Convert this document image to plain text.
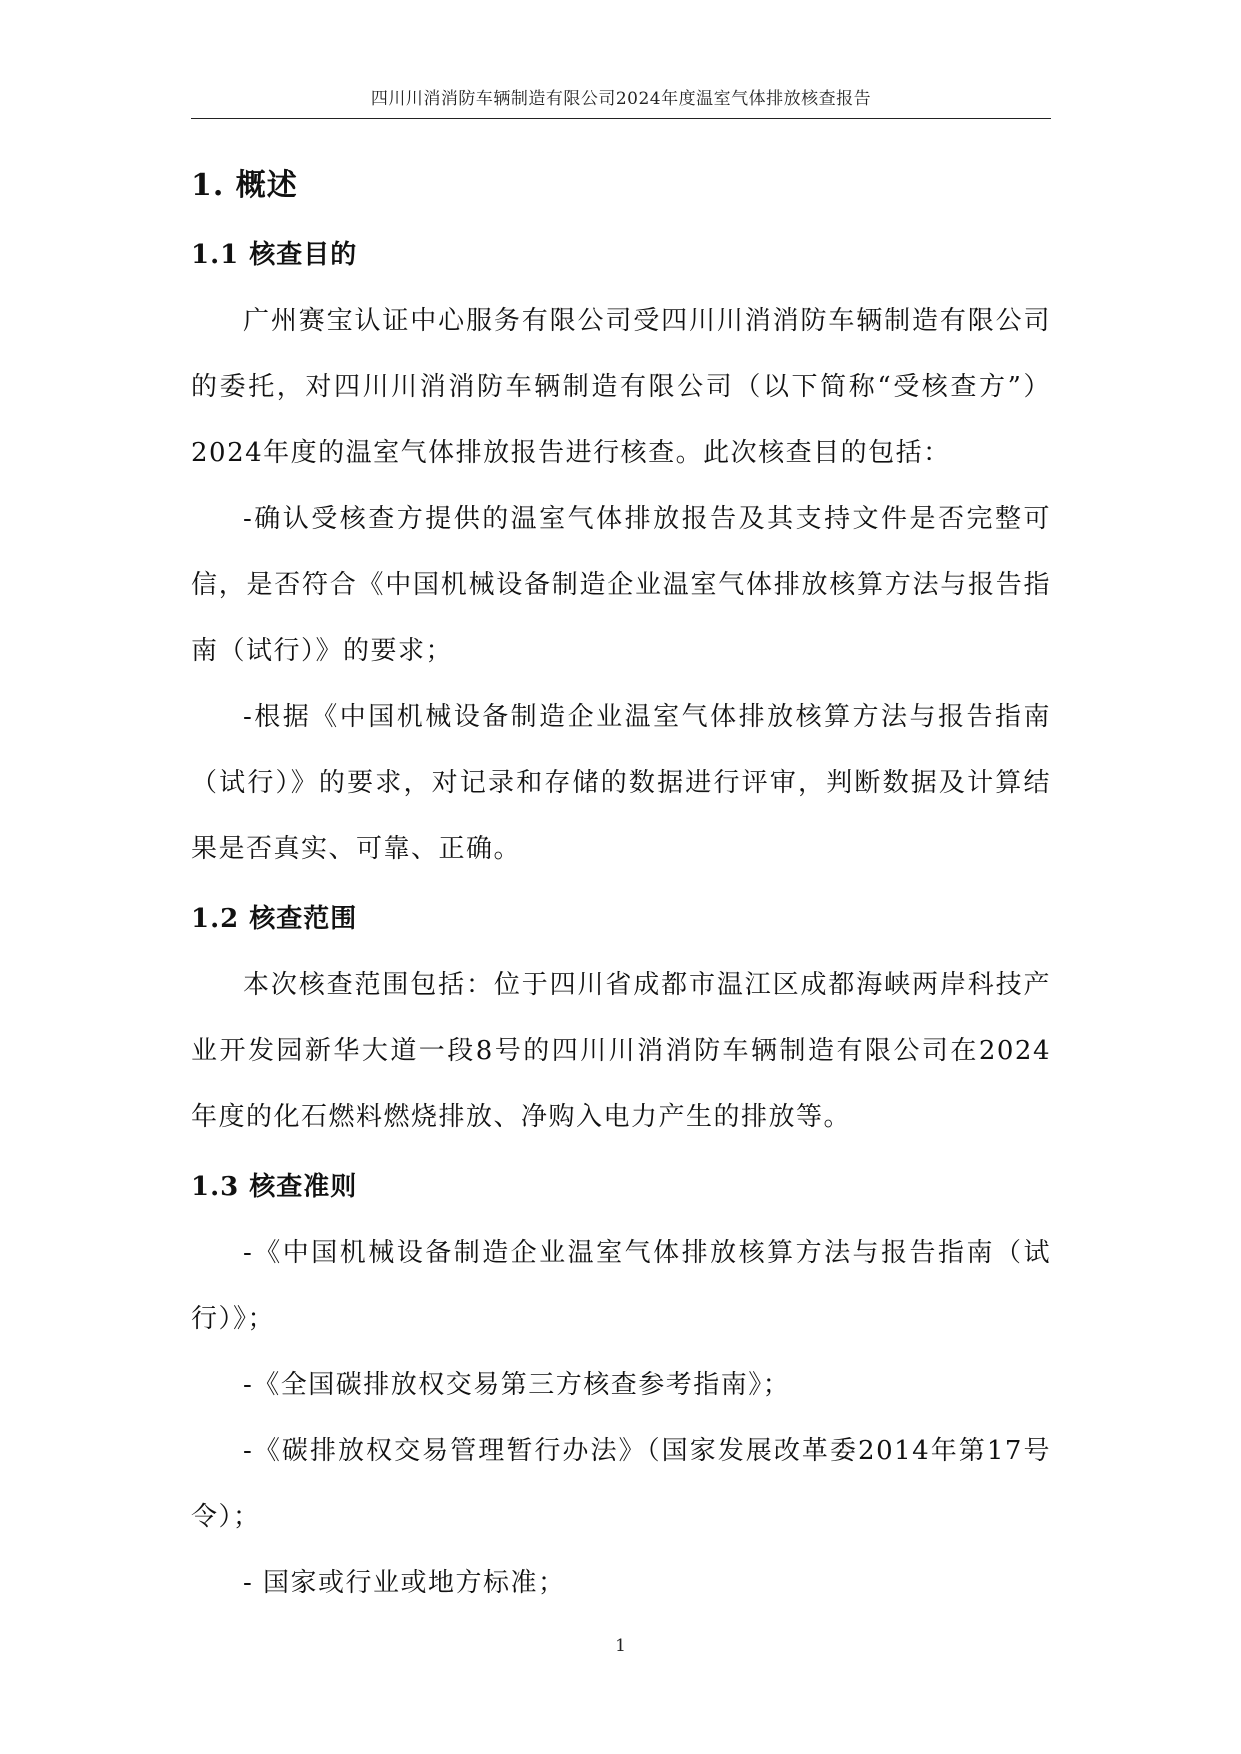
四川川消消防车辆制造有限公司2024年度温室气体排放核查报告
1. 概述
1.1 核查目的

广州赛宝认证中心服务有限公司受四川川消消防车辆制造有限公司的委托，对四川川消消防车辆制造有限公司（以下简称“受核查方”）2024年度的温室气体排放报告进行核查。此次核查目的包括：

-确认受核查方提供的温室气体排放报告及其支持文件是否完整可信，是否符合《中国机械设备制造企业温室气体排放核算方法与报告指南（试行）》的要求；

-根据《中国机械设备制造企业温室气体排放核算方法与报告指南（试行）》的要求，对记录和存储的数据进行评审，判断数据及计算结果是否真实、可靠、正确。

1.2 核查范围

本次核查范围包括：位于四川省成都市温江区成都海峡两岸科技产业开发园新华大道一段8号的四川川消消防车辆制造有限公司在2024年度的化石燃料燃烧排放、净购入电力产生的排放等。

1.3 核查准则

-《中国机械设备制造企业温室气体排放核算方法与报告指南（试行）》；

-《全国碳排放权交易第三方核查参考指南》；

-《碳排放权交易管理暂行办法》（国家发展改革委2014年第17号令）；

- 国家或行业或地方标准；

1
